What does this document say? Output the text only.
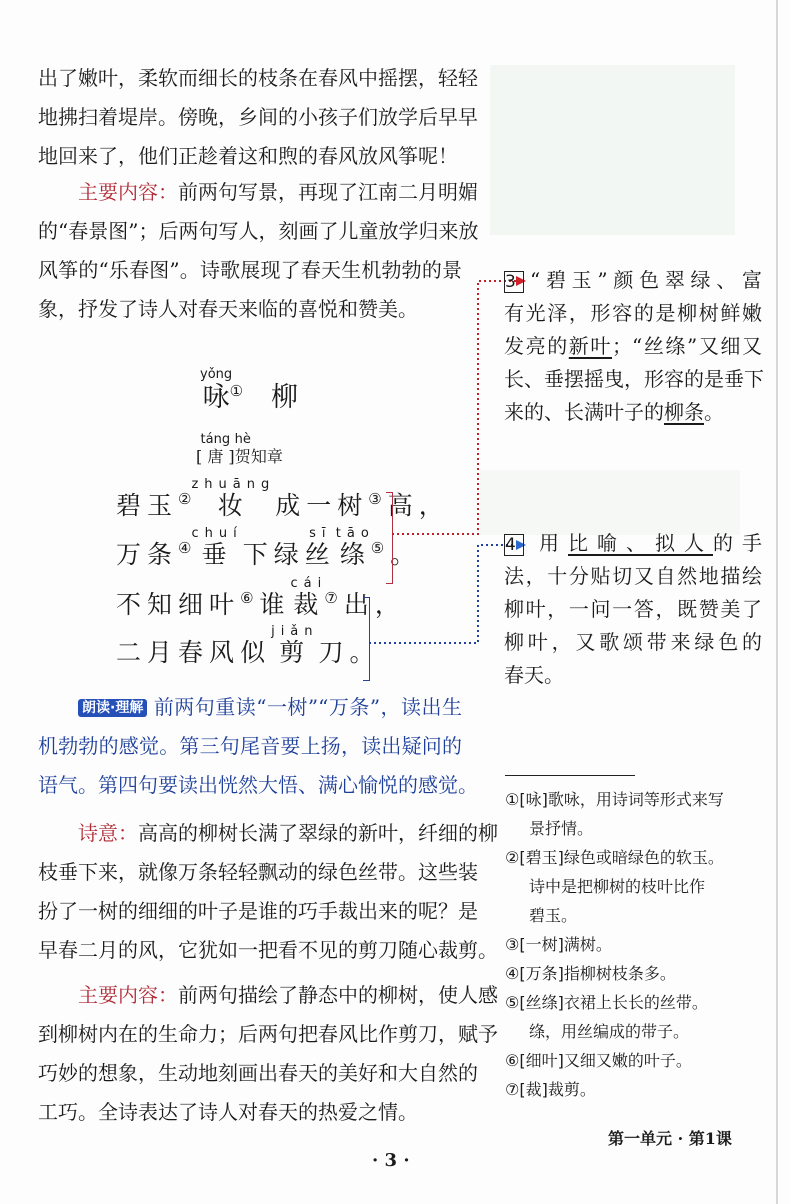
出了嫩叶，柔软而细长的枝条在春风中摇摆，轻轻
地拂扫着堤岸。傍晚，乡间的小孩子们放学后早早
地回来了，他们正趁着这和煦的春风放风筝呢！
主要内容：前两句写景，再现了江南二月明媚
的“春景图”；后两句写人，刻画了儿童放学归来放
风筝的“乐春图”。诗歌展现了春天生机勃勃的景
象，抒发了诗人对春天来临的喜悦和赞美。
咏yǒng① 柳
[ 唐 ]táng贺hè知 章
碧 玉 ②妆zhuāng成 一 树 ③高 ，
万 条 ④垂chuí下 绿 丝sī绦tāo⑤。
不 知 细 叶 ⑥谁 裁cái⑦出 ，
二 月 春 风 似 剪jiǎn刀 。
朗读·理解 前两句重读“一树”“万条”，读出生
机勃勃的感觉。第三句尾音要上扬，读出疑问的
语气。第四句要读出恍然大悟、满心愉悦的感觉。
诗意：高高的柳树长满了翠绿的新叶，纤细的柳
枝垂下来，就像万条轻轻飘动的绿色丝带。这些装
扮了一树的细细的叶子是谁的巧手裁出来的呢？是
早春二月的风，它犹如一把看不见的剪刀随心裁剪。
主要内容：前两句描绘了静态中的柳树，使人感
到柳树内在的生命力；后两句把春风比作剪刀，赋予
巧妙的想象，生动地刻画出春天的美好和大自然的
工巧。全诗表达了诗人对春天的热爱之情。
3 “碧玉”颜色翠绿、富
有光泽，形容的是柳树鲜嫩
发亮的新叶；“丝绦”又细又
长、垂摆摇曳，形容的是垂下
来的、长满叶子的柳条。
4 用比喻、拟人的手
法，十分贴切又自然地描绘
柳叶，一问一答，既赞美了
柳叶，又歌颂带来绿色的
春天。
①[咏]歌咏，用诗词等形式来写
景抒情。
②[碧玉]绿色或暗绿色的软玉。
诗中是把柳树的枝叶比作
碧玉。
③[一树]满树。
④[万条]指柳树枝条多。
⑤[丝绦]衣裙上长长的丝带。
绦，用丝编成的带子。
⑥[细叶]又细又嫩的叶子。
⑦[裁]裁剪。
· 3 ·
第一单元 · 第1课
